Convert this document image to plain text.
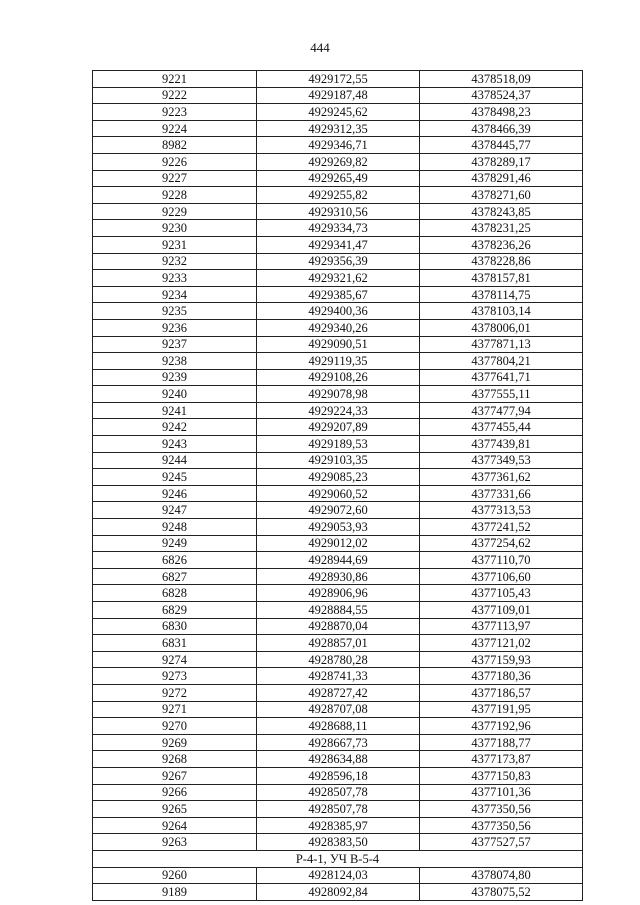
444
9221	4929172,55	4378518,09
9222	4929187,48	4378524,37
9223	4929245,62	4378498,23
9224	4929312,35	4378466,39
8982	4929346,71	4378445,77
9226	4929269,82	4378289,17
9227	4929265,49	4378291,46
9228	4929255,82	4378271,60
9229	4929310,56	4378243,85
9230	4929334,73	4378231,25
9231	4929341,47	4378236,26
9232	4929356,39	4378228,86
9233	4929321,62	4378157,81
9234	4929385,67	4378114,75
9235	4929400,36	4378103,14
9236	4929340,26	4378006,01
9237	4929090,51	4377871,13
9238	4929119,35	4377804,21
9239	4929108,26	4377641,71
9240	4929078,98	4377555,11
9241	4929224,33	4377477,94
9242	4929207,89	4377455,44
9243	4929189,53	4377439,81
9244	4929103,35	4377349,53
9245	4929085,23	4377361,62
9246	4929060,52	4377331,66
9247	4929072,60	4377313,53
9248	4929053,93	4377241,52
9249	4929012,02	4377254,62
6826	4928944,69	4377110,70
6827	4928930,86	4377106,60
6828	4928906,96	4377105,43
6829	4928884,55	4377109,01
6830	4928870,04	4377113,97
6831	4928857,01	4377121,02
9274	4928780,28	4377159,93
9273	4928741,33	4377180,36
9272	4928727,42	4377186,57
9271	4928707,08	4377191,95
9270	4928688,11	4377192,96
9269	4928667,73	4377188,77
9268	4928634,88	4377173,87
9267	4928596,18	4377150,83
9266	4928507,78	4377101,36
9265	4928507,78	4377350,56
9264	4928385,97	4377350,56
9263	4928383,50	4377527,57
Р-4-1, УЧ В-5-4		
9260	4928124,03	4378074,80
9189	4928092,84	4378075,52
